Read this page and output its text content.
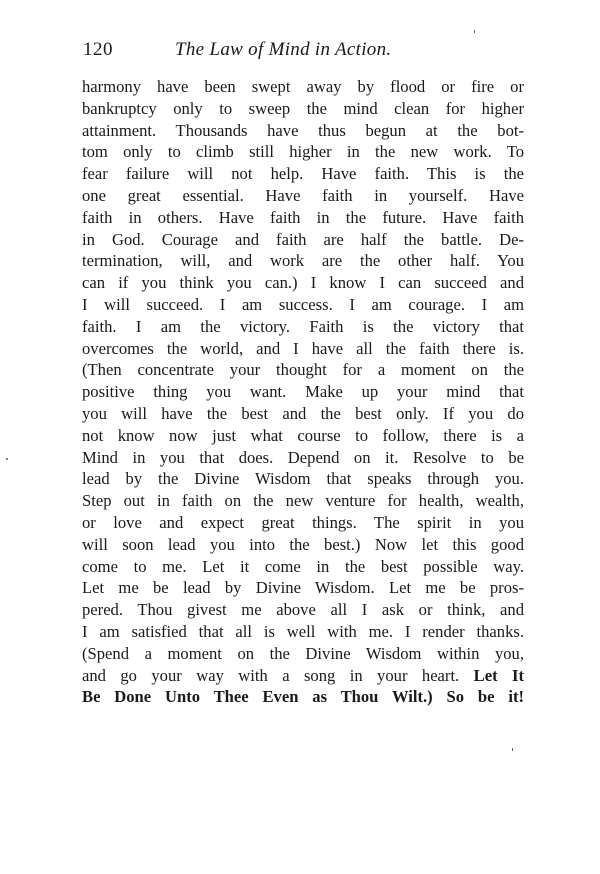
120	The Law of Mind in Action.
harmony have been swept away by flood or fire or
bankruptcy only to sweep the mind clean for higher
attainment. Thousands have thus begun at the bot-
tom only to climb still higher in the new work. To
fear failure will not help. Have faith. This is the
one great essential. Have faith in yourself. Have
faith in others. Have faith in the future. Have faith
in God. Courage and faith are half the battle. De-
termination, will, and work are the other half. You
can if you think you can.) I know I can succeed and
I will succeed. I am success. I am courage. I am
faith. I am the victory. Faith is the victory that
overcomes the world, and I have all the faith there is.
(Then concentrate your thought for a moment on the
positive thing you want. Make up your mind that
you will have the best and the best only. If you do
not know now just what course to follow, there is a
Mind in you that does. Depend on it. Resolve to be
lead by the Divine Wisdom that speaks through you.
Step out in faith on the new venture for health, wealth,
or love and expect great things. The spirit in you
will soon lead you into the best.) Now let this good
come to me. Let it come in the best possible way.
Let me be lead by Divine Wisdom. Let me be pros-
pered. Thou givest me above all I ask or think, and
I am satisfied that all is well with me. I render thanks.
(Spend a moment on the Divine Wisdom within you,
and go your way with a song in your heart. Let It
Be Done Unto Thee Even as Thou Wilt.) So be it!
